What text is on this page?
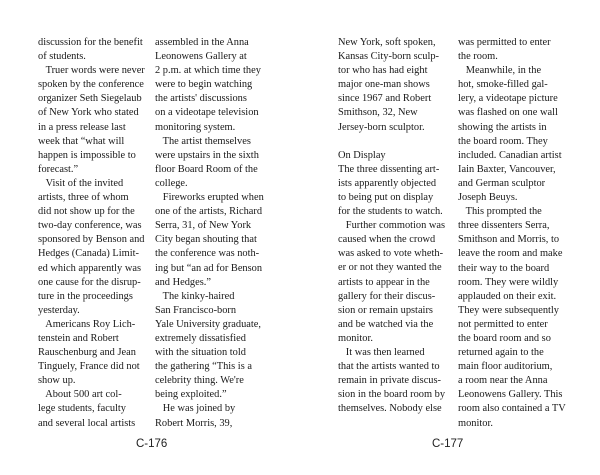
discussion for the benefit
of students.
Truer words were never
spoken by the conference
organizer Seth Siegelaub
of New York who stated
in a press release last
week that “what will
happen is impossible to
forecast.”
Visit of the invited
artists, three of whom
did not show up for the
two-day conference, was
sponsored by Benson and
Hedges (Canada) Limit-
ed which apparently was
one cause for the disrup-
ture in the proceedings
yesterday.
Americans Roy Lich-
tenstein and Robert
Rauschenburg and Jean
Tinguely, France did not
show up.
About 500 art col-
lege students, faculty
and several local artists
assembled in the Anna
Leonowens Gallery at
2 p.m. at which time they
were to begin watching
the artists' discussions
on a videotape television
monitoring system.
The artist themselves
were upstairs in the sixth
floor Board Room of the
college.
Fireworks erupted when
one of the artists, Richard
Serra, 31, of New York
City began shouting that
the conference was noth-
ing but “an ad for Benson
and Hedges.”
The kinky-haired
San Francisco-born
Yale University graduate,
extremely dissatisfied
with the situation told
the gathering “This is a
celebrity thing. We're
being exploited.”
He was joined by
Robert Morris, 39,
C-176
New York, soft spoken,
Kansas City-born sculp-
tor who has had eight
major one-man shows
since 1967 and Robert
Smithson, 32, New
Jersey-born sculptor.
On Display
The three dissenting art-
ists apparently objected
to being put on display
for the students to watch.
Further commotion was
caused when the crowd
was asked to vote wheth-
er or not they wanted the
artists to appear in the
gallery for their discus-
sion or remain upstairs
and be watched via the
monitor.
It was then learned
that the artists wanted to
remain in private discus-
sion in the board room by
themselves. Nobody else
was permitted to enter
the room.
Meanwhile, in the
hot, smoke-filled gal-
lery, a videotape picture
was flashed on one wall
showing the artists in
the board room. They
included. Canadian artist
Iain Baxter, Vancouver,
and German sculptor
Joseph Beuys.
This prompted the
three dissenters Serra,
Smithson and Morris, to
leave the room and make
their way to the board
room. They were wildly
applauded on their exit.
They were subsequently
not permitted to enter
the board room and so
returned again to the
main floor auditorium,
a room near the Anna
Leonowens Gallery. This
room also contained a TV
monitor.
C-177
